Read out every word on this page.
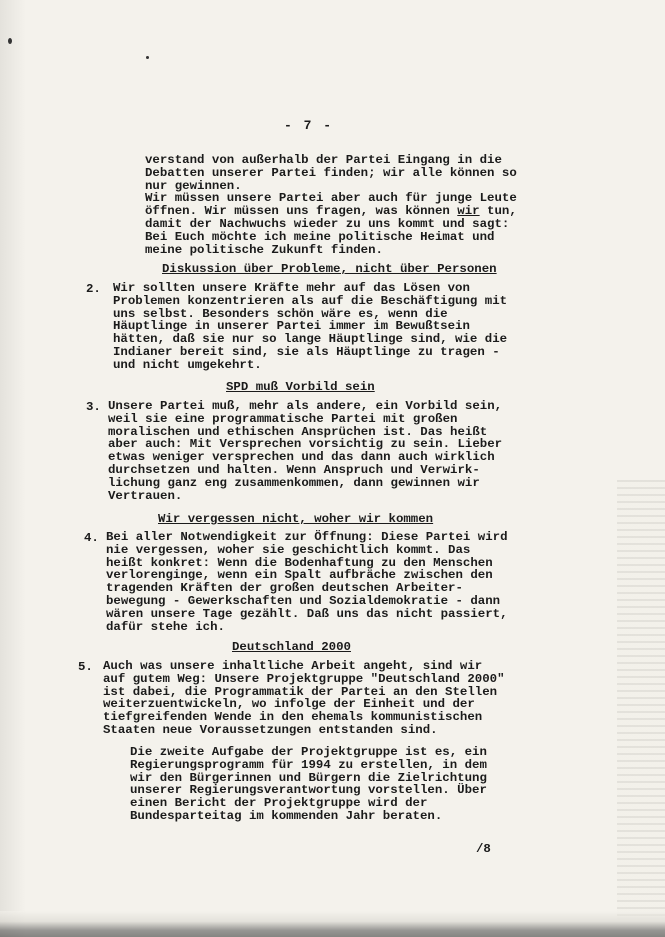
- 7 -
verstand von außerhalb der Partei Eingang in die
Debatten unserer Partei finden; wir alle können so
nur gewinnen.
Wir müssen unsere Partei aber auch für junge Leute
öffnen. Wir müssen uns fragen, was können wir tun,
damit der Nachwuchs wieder zu uns kommt und sagt:
Bei Euch möchte ich meine politische Heimat und
meine politische Zukunft finden.
Diskussion über Probleme, nicht über Personen
2. Wir sollten unsere Kräfte mehr auf das Lösen von
Problemen konzentrieren als auf die Beschäftigung mit
uns selbst. Besonders schön wäre es, wenn die
Häuptlinge in unserer Partei immer im Bewußtsein
hätten, daß sie nur so lange Häuptlinge sind, wie die
Indianer bereit sind, sie als Häuptlinge zu tragen -
und nicht umgekehrt.
SPD muß Vorbild sein
3. Unsere Partei muß, mehr als andere, ein Vorbild sein,
weil sie eine programmatische Partei mit großen
moralischen und ethischen Ansprüchen ist. Das heißt
aber auch: Mit Versprechen vorsichtig zu sein. Lieber
etwas weniger versprechen und das dann auch wirklich
durchsetzen und halten. Wenn Anspruch und Verwirk-
lichung ganz eng zusammenkommen, dann gewinnen wir
Vertrauen.
Wir vergessen nicht, woher wir kommen
4. Bei aller Notwendigkeit zur Öffnung: Diese Partei wird
nie vergessen, woher sie geschichtlich kommt. Das
heißt konkret: Wenn die Bodenhaftung zu den Menschen
verlorenginge, wenn ein Spalt aufbräche zwischen den
tragenden Kräften der großen deutschen Arbeiter-
bewegung - Gewerkschaften und Sozialdemokratie - dann
wären unsere Tage gezählt. Daß uns das nicht passiert,
dafür stehe ich.
Deutschland 2000
5. Auch was unsere inhaltliche Arbeit angeht, sind wir
auf gutem Weg: Unsere Projektgruppe "Deutschland 2000"
ist dabei, die Programmatik der Partei an den Stellen
weiterzuentwickeln, wo infolge der Einheit und der
tiefgreifenden Wende in den ehemals kommunistischen
Staaten neue Voraussetzungen entstanden sind.
Die zweite Aufgabe der Projektgruppe ist es, ein
Regierungsprogramm für 1994 zu erstellen, in dem
wir den Bürgerinnen und Bürgern die Zielrichtung
unserer Regierungsverantwortung vorstellen. Über
einen Bericht der Projektgruppe wird der
Bundesparteitag im kommenden Jahr beraten.
/8
